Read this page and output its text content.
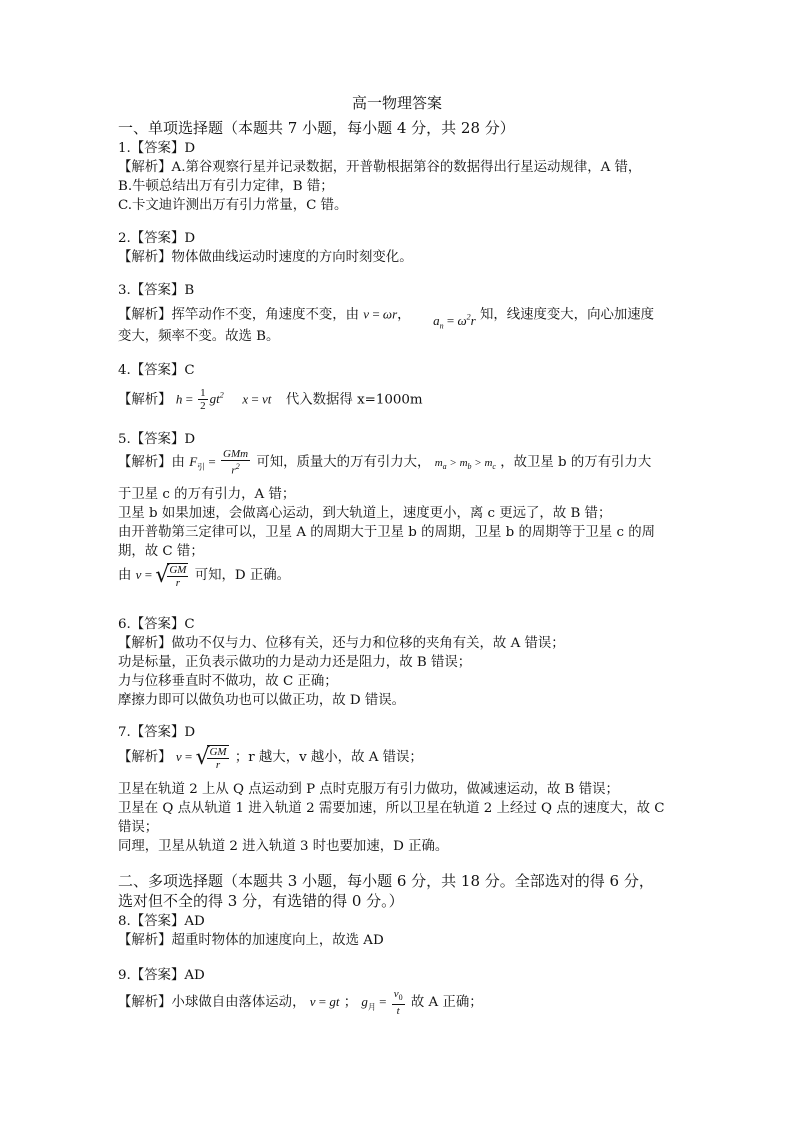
高一物理答案
一、单项选择题（本题共 7 小题，每小题 4 分，共 28 分）
1.【答案】D
【解析】A.第谷观察行星并记录数据，开普勒根据第谷的数据得出行星运动规律，A 错，
B.牛顿总结出万有引力定律，B 错；
C.卡文迪许测出万有引力常量，C 错。
2.【答案】D
【解析】物体做曲线运动时速度的方向时刻变化。
3.【答案】B
【解析】挥竿动作不变，角速度不变，由 v = ωr， $a_n = \omega^2r$ 知，线速度变大，向心加速度
变大，频率不变。故选 B。
4.【答案】C
【解析】 $h = \frac{1}{2} gt^2$ x = vt 代入数据得 x=1000m
5.【答案】D
【解析】由 $F_引 = \frac{\text{GMm}}{r^2}$ 可知，质量大的万有引力大， $m_a > m_b > m_c$ ，故卫星 b 的万有引力大
于卫星 c 的万有引力，A 错；
卫星 b 如果加速，会做离心运动，到大轨道上，速度更小，离 c 更远了，故 B 错；
由开普勒第三定律可以，卫星 A 的周期大于卫星 b 的周期，卫星 b 的周期等于卫星 c 的周
期，故 C 错；
由 v = √
$\frac{GM}{r}$ 可知，D 正确。
6.【答案】C
【解析】做功不仅与力、位移有关，还与力和位移的夹角有关，故 A 错误；
功是标量，正负表示做功的力是动力还是阻力，故 B 错误；
力与位移垂直时不做功，故 C 正确；
摩擦力即可以做负功也可以做正功，故 D 错误。
7.【答案】D
【解析】 v = √
$\frac{GM}{r}$ ；r 越大，v 越小，故 A 错误；
卫星在轨道 2 上从 Q 点运动到 P 点时克服万有引力做功，做减速运动，故 B 错误；
卫星在 Q 点从轨道 1 进入轨道 2 需要加速，所以卫星在轨道 2 上经过 Q 点的速度大，故 C
错误；
同理，卫星从轨道 2 进入轨道 3 时也要加速，D 正确。
二、多项选择题（本题共 3 小题，每小题 6 分，共 18 分。全部选对的得 6 分，
选对但不全的得 3 分，有选错的得 0 分。）
8.【答案】AD
【解析】超重时物体的加速度向上，故选 AD
9.【答案】AD
【解析】小球做自由落体运动， v = gt ； $g_月 = \frac{v_0}{t}$ 故 A 正确；
